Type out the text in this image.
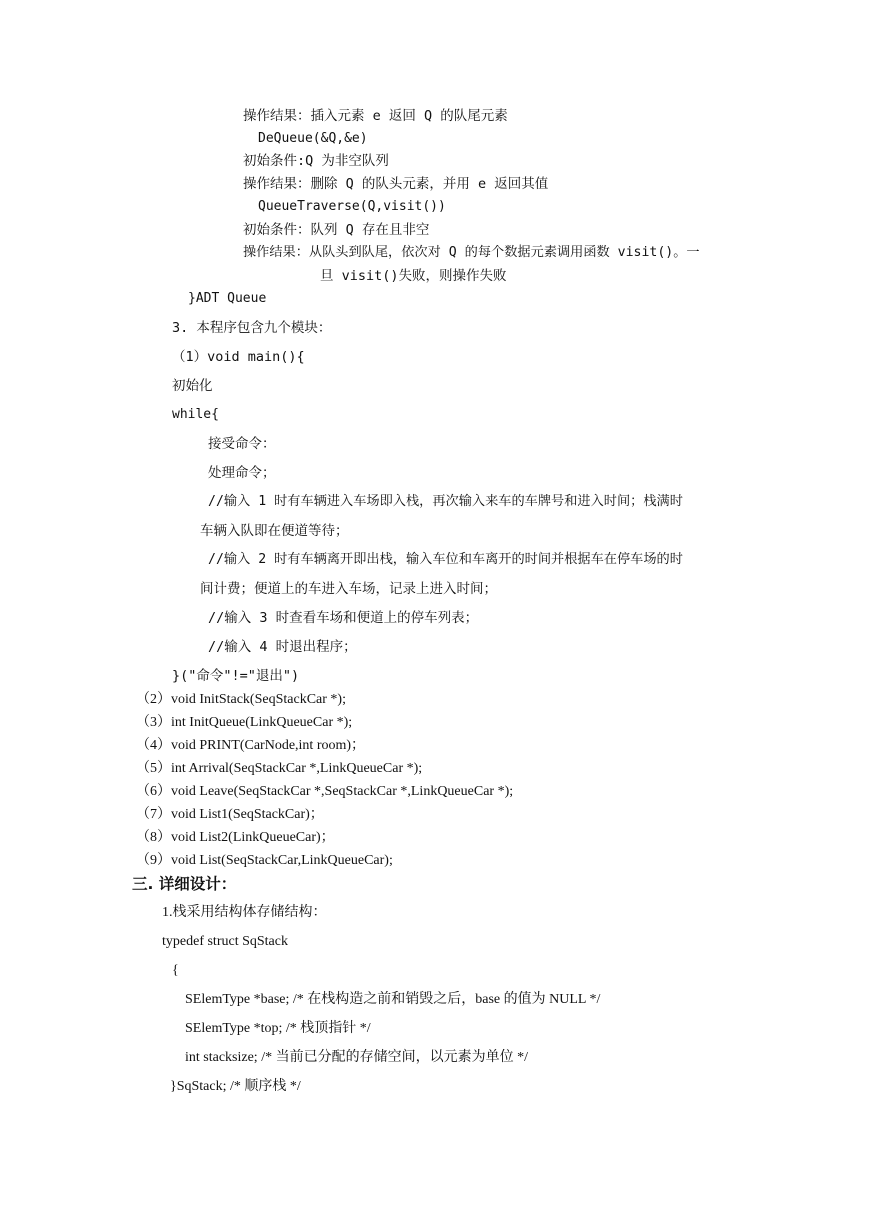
操作结果：插入元素 e 返回 Q 的队尾元素
DeQueue(&Q,&e)
初始条件:Q 为非空队列
操作结果：删除 Q 的队头元素，并用 e 返回其值
QueueTraverse(Q,visit())
初始条件：队列 Q 存在且非空
操作结果：从队头到队尾，依次对 Q 的每个数据元素调用函数 visit()。一
旦 visit()失败，则操作失败
}ADT Queue
3. 本程序包含九个模块：
（1）void main(){
初始化
while{
接受命令：
处理命令；
//输入 1 时有车辆进入车场即入栈，再次输入来车的车牌号和进入时间；栈满时
车辆入队即在便道等待；
//输入 2 时有车辆离开即出栈，输入车位和车离开的时间并根据车在停车场的时
间计费；便道上的车进入车场，记录上进入时间；
//输入 3 时查看车场和便道上的停车列表；
//输入 4 时退出程序；
}("命令"!="退出")
（2）void InitStack(SeqStackCar *);
（3）int InitQueue(LinkQueueCar *);
（4）void PRINT(CarNode,int room)；
（5）int Arrival(SeqStackCar *,LinkQueueCar *);
（6）void Leave(SeqStackCar *,SeqStackCar *,LinkQueueCar *);
（7）void List1(SeqStackCar)；
（8）void List2(LinkQueueCar)；
（9）void List(SeqStackCar,LinkQueueCar);
三. 详细设计：
1.栈采用结构体存储结构：
typedef struct SqStack
{
SElemType *base; /* 在栈构造之前和销毁之后，base 的值为 NULL */
SElemType *top; /* 栈顶指针 */
int stacksize; /* 当前已分配的存储空间，以元素为单位 */
}SqStack; /* 顺序栈 */
